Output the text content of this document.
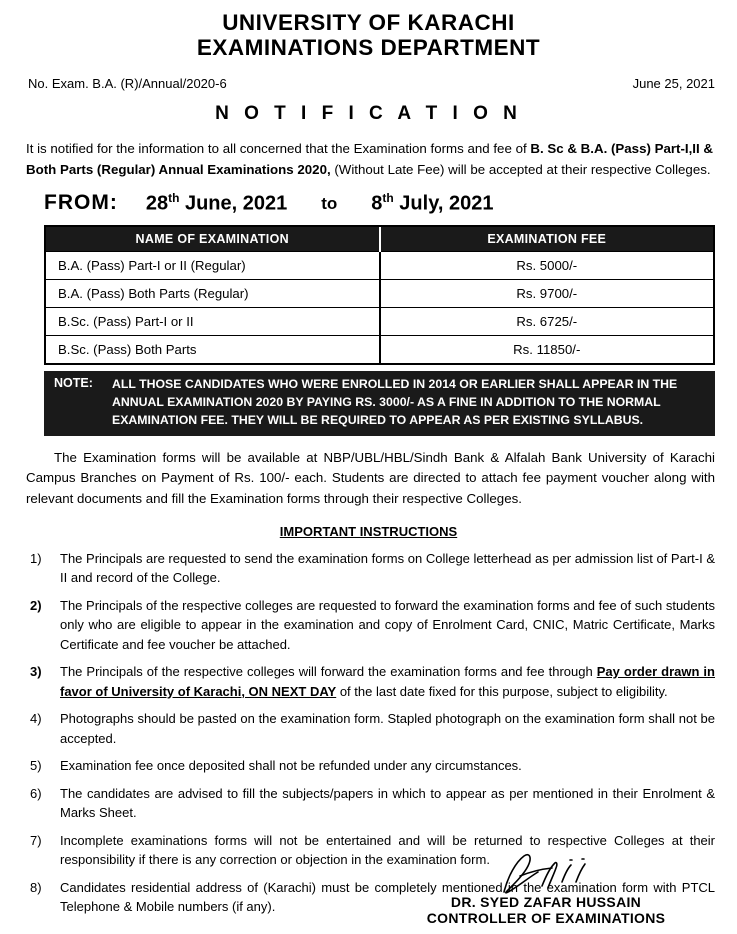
UNIVERSITY OF KARACHI
EXAMINATIONS DEPARTMENT
No. Exam. B.A. (R)/Annual/2020-6	June 25, 2021
N O T I F I C A T I O N
It is notified for the information to all concerned that the Examination forms and fee of B. Sc & B.A. (Pass) Part-I,II & Both Parts (Regular) Annual Examinations 2020, (Without Late Fee) will be accepted at their respective Colleges.
FROM: 28th June, 2021 to 8th July, 2021
NAME OF EXAMINATION	EXAMINATION FEE
B.A. (Pass) Part-I or II (Regular)	Rs. 5000/-
B.A. (Pass) Both Parts (Regular)	Rs. 9700/-
B.Sc. (Pass) Part-I or II	Rs. 6725/-
B.Sc. (Pass) Both Parts	Rs. 11850/-
NOTE:	ALL THOSE CANDIDATES WHO WERE ENROLLED IN 2014 OR EARLIER SHALL APPEAR IN THE ANNUAL EXAMINATION 2020 BY PAYING RS. 3000/- AS A FINE IN ADDITION TO THE NORMAL EXAMINATION FEE. THEY WILL BE REQUIRED TO APPEAR AS PER EXISTING SYLLABUS.
The Examination forms will be available at NBP/UBL/HBL/Sindh Bank & Alfalah Bank University of Karachi Campus Branches on Payment of Rs. 100/- each. Students are directed to attach fee payment voucher along with relevant documents and fill the Examination forms through their respective Colleges.
IMPORTANT INSTRUCTIONS
1)	The Principals are requested to send the examination forms on College letterhead as per admission list of Part-I & II and record of the College.
2)	The Principals of the respective colleges are requested to forward the examination forms and fee of such students only who are eligible to appear in the examination and copy of Enrolment Card, CNIC, Matric Certificate, Marks Certificate and fee voucher be attached.
3)	The Principals of the respective colleges will forward the examination forms and fee through Pay order drawn in favor of University of Karachi, ON NEXT DAY of the last date fixed for this purpose, subject to eligibility.
4)	Photographs should be pasted on the examination form. Stapled photograph on the examination form shall not be accepted.
5)	Examination fee once deposited shall not be refunded under any circumstances.
6)	The candidates are advised to fill the subjects/papers in which to appear as per mentioned in their Enrolment & Marks Sheet.
7)	Incomplete examinations forms will not be entertained and will be returned to respective Colleges at their responsibility if there is any correction or objection in the examination form.
8)	Candidates residential address of (Karachi) must be completely mentioned in the examination form with PTCL Telephone & Mobile numbers (if any).	DR. SYED ZAFAR HUSSAIN
CONTROLLER OF EXAMINATIONS
